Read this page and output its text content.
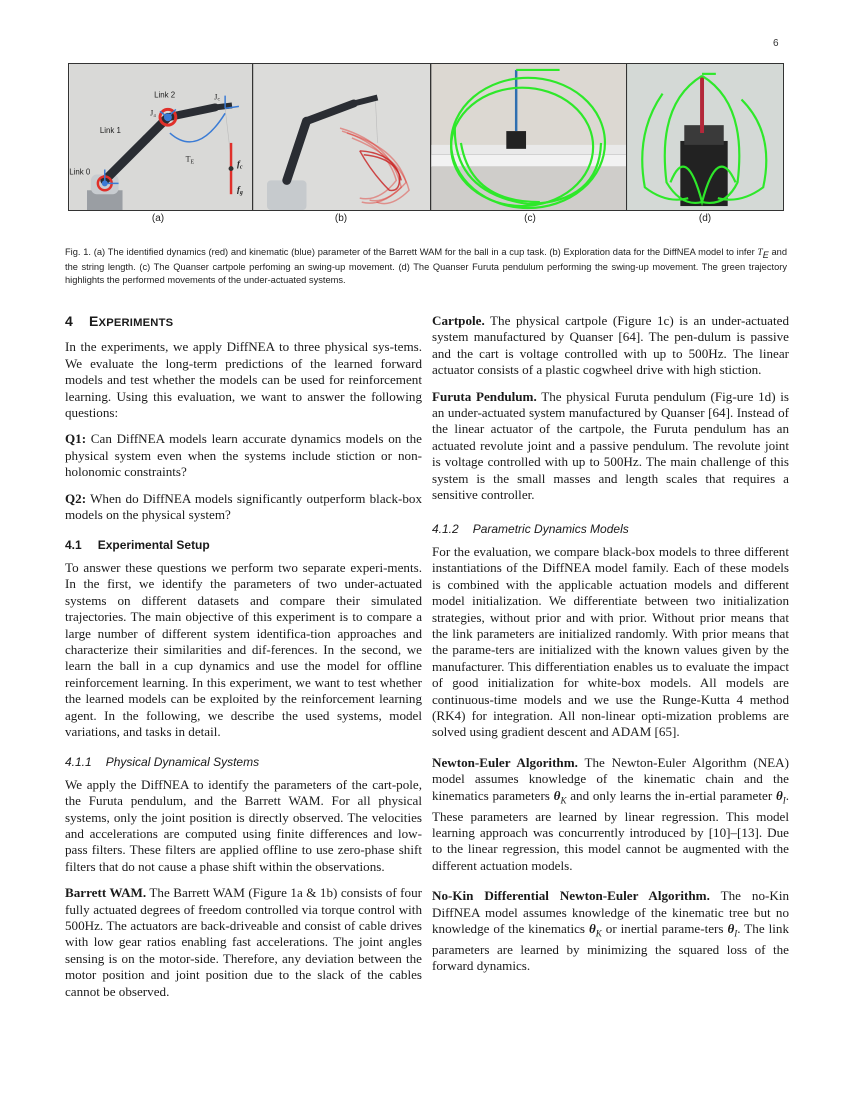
6
Link 2
Link 1
Link 0
J₄
J꜀
$T_E$	$f_c$
$f_g$
(a)	(b)	(c)	(d)
Fig. 1. (a) The identified dynamics (red) and kinematic (blue) parameter of the Barrett WAM for the ball in a cup task. (b) Exploration data for the DiffNEA model to infer $T_E$ and the string length. (c) The Quanser cartpole perfoming an swing-up movement. (d) The Quanser Furuta pendulum performing the swing-up movement. The green trajectory highlights the performed movements of the under-actuated systems.
4 EXPERIMENTS

In the experiments, we apply DiffNEA to three physical sys-tems. We evaluate the long-term predictions of the learned forward models and test whether the models can be used for reinforcement learning. Using this evaluation, we want to answer the following questions:

Q1: Can DiffNEA models learn accurate dynamics models on the physical system even when the systems include stiction or non-holonomic constraints?

Q2: When do DiffNEA models significantly outperform black-box models on the physical system?

4.1 Experimental Setup

To answer these questions we perform two separate experi-ments. In the first, we identify the parameters of two under-actuated systems on different datasets and compare their simulated trajectories. The main objective of this experiment is to compare a large number of different system identifica-tion approaches and characterize their similarities and dif-ferences. In the second, we learn the ball in a cup dynamics and use the model for offline reinforcement learning. In this experiment, we want to test whether the learned models can be exploited by the reinforcement learning agent. In the following, we describe the used systems, model variations, and tasks in detail.

4.1.1 Physical Dynamical Systems

We apply the DiffNEA to identify the parameters of the cart-pole, the Furuta pendulum, and the Barrett WAM. For all physical systems, only the joint position is directly observed. The velocities and accelerations are computed using finite differences and low-pass filters. These filters are applied offline to use zero-phase shift filters that do not cause a phase shift within the observations.

Barrett WAM. The Barrett WAM (Figure 1a & 1b) consists of four fully actuated degrees of freedom controlled via torque control with 500Hz. The actuators are back-driveable and consist of cable drives with low gear ratios enabling fast accelerations. The joint angles sensing is on the motor-side. Therefore, any deviation between the motor position and joint position due to the slack of the cables cannot be observed.

Cartpole. The physical cartpole (Figure 1c) is an under-actuated system manufactured by Quanser [64]. The pen-dulum is passive and the cart is voltage controlled with up to 500Hz. The linear actuator consists of a plastic cogwheel drive with high stiction.

Furuta Pendulum. The physical Furuta pendulum (Fig-ure 1d) is an under-actuated system manufactured by Quanser [64]. Instead of the linear actuator of the cartpole, the Furuta pendulum has an actuated revolute joint and a passive pendulum. The revolute joint is voltage controlled with up to 500Hz. The main challenge of this system is the small masses and length scales that requires a sensitive controller.

4.1.2 Parametric Dynamics Models

For the evaluation, we compare black-box models to three different instantiations of the DiffNEA model family. Each of these models is combined with the applicable actuation models and different model initialization. We differentiate between two initialization strategies, without prior and with prior. Without prior means that the link parameters are initialized randomly. With prior means that the parame-ters are initialized with the known values given by the manufacturer. This differentiation enables us to evaluate the impact of good initialization for white-box models. All models are continuous-time models and we use the Runge-Kutta 4 method (RK4) for integration. All non-linear opti-mization problems are solved using gradient descent and ADAM [65].

Newton-Euler Algorithm. The Newton-Euler Algorithm (NEA) model assumes knowledge of the kinematic chain and the kinematics parameters $\theta_K$ and only learns the in-ertial parameter $\theta_I$. These parameters are learned by linear regression. This model learning approach was concurrently introduced by [10]–[13]. Due to the linear regression, this model cannot be augmented with the different actuation models.

No-Kin Differential Newton-Euler Algorithm. The no-Kin DiffNEA model assumes knowledge of the kinematic tree but no knowledge of the kinematics $\theta_K$ or inertial parame-ters $\theta_I$. The link parameters are learned by minimizing the squared loss of the forward dynamics.
